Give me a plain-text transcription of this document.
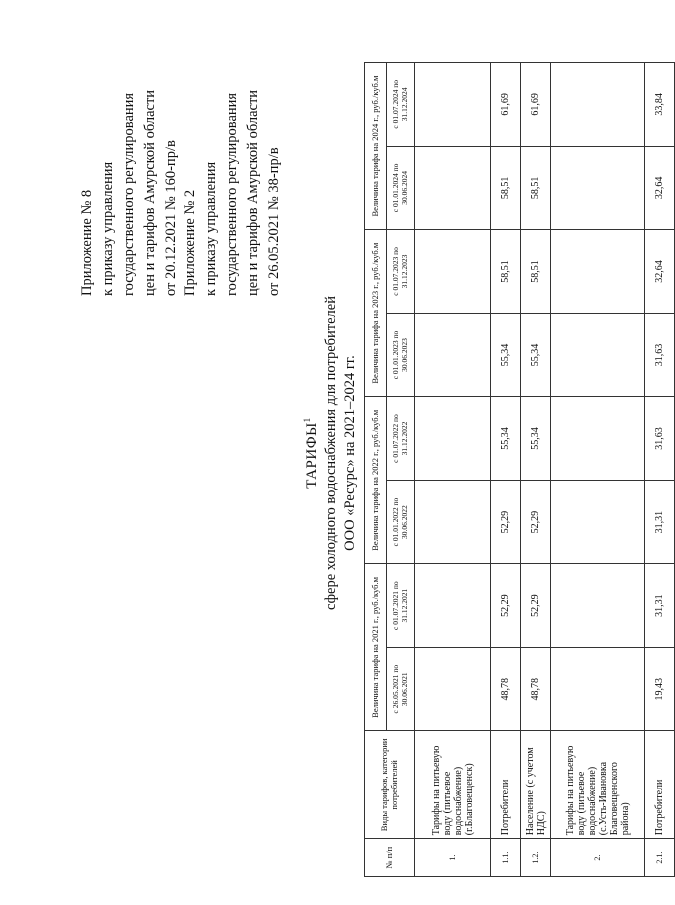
Приложение № 8 к приказу управления государственного регулирования цен и тарифов Амурской области от 20.12.2021 № 160-пр/в Приложение № 2 к приказу управления государственного регулирования цен и тарифов Амурской области от 26.05.2021 № 38-пр/в
ТАРИФЫ$^1$ сфере холодного водоснабжения для потребителей ООО «Ресурс» на 2021–2024 гг.
№ п/п	Виды тарифов, категории потребителей	Величина тарифа на 2021 г., руб./куб.м		Величина тарифа на 2022 г., руб./куб.м		Величина тарифа на 2023 г., руб./куб.м		Величина тарифа на 2024 г., руб./куб.м	
		с 26.05.2021 по 30.06.2021	с 01.07.2021 по 31.12.2021	с 01.01.2022 по 30.06.2022	с 01.07.2022 по 31.12.2022	с 01.01.2023 по 30.06.2023	с 01.07.2023 по 31.12.2023	с 01.01.2024 по 30.06.2024	с 01.07.2024 по 31.12.2024
1.	Тарифы на питьевую воду (питьевое водоснабжение) (г.Благовещенск)								
1.1.	Потребители	48,78	52,29	52,29	55,34	55,34	58,51	58,51	61,69
1.2.	Население (с учетом НДС)	48,78	52,29	52,29	55,34	55,34	58,51	58,51	61,69
2.	Тарифы на питьевую воду (питьевое водоснабжение) (с.Усть-Ивановка Благовещенского района)								
2.1.	Потребители	19,43	31,31	31,31	31,63	31,63	32,64	32,64	33,84
